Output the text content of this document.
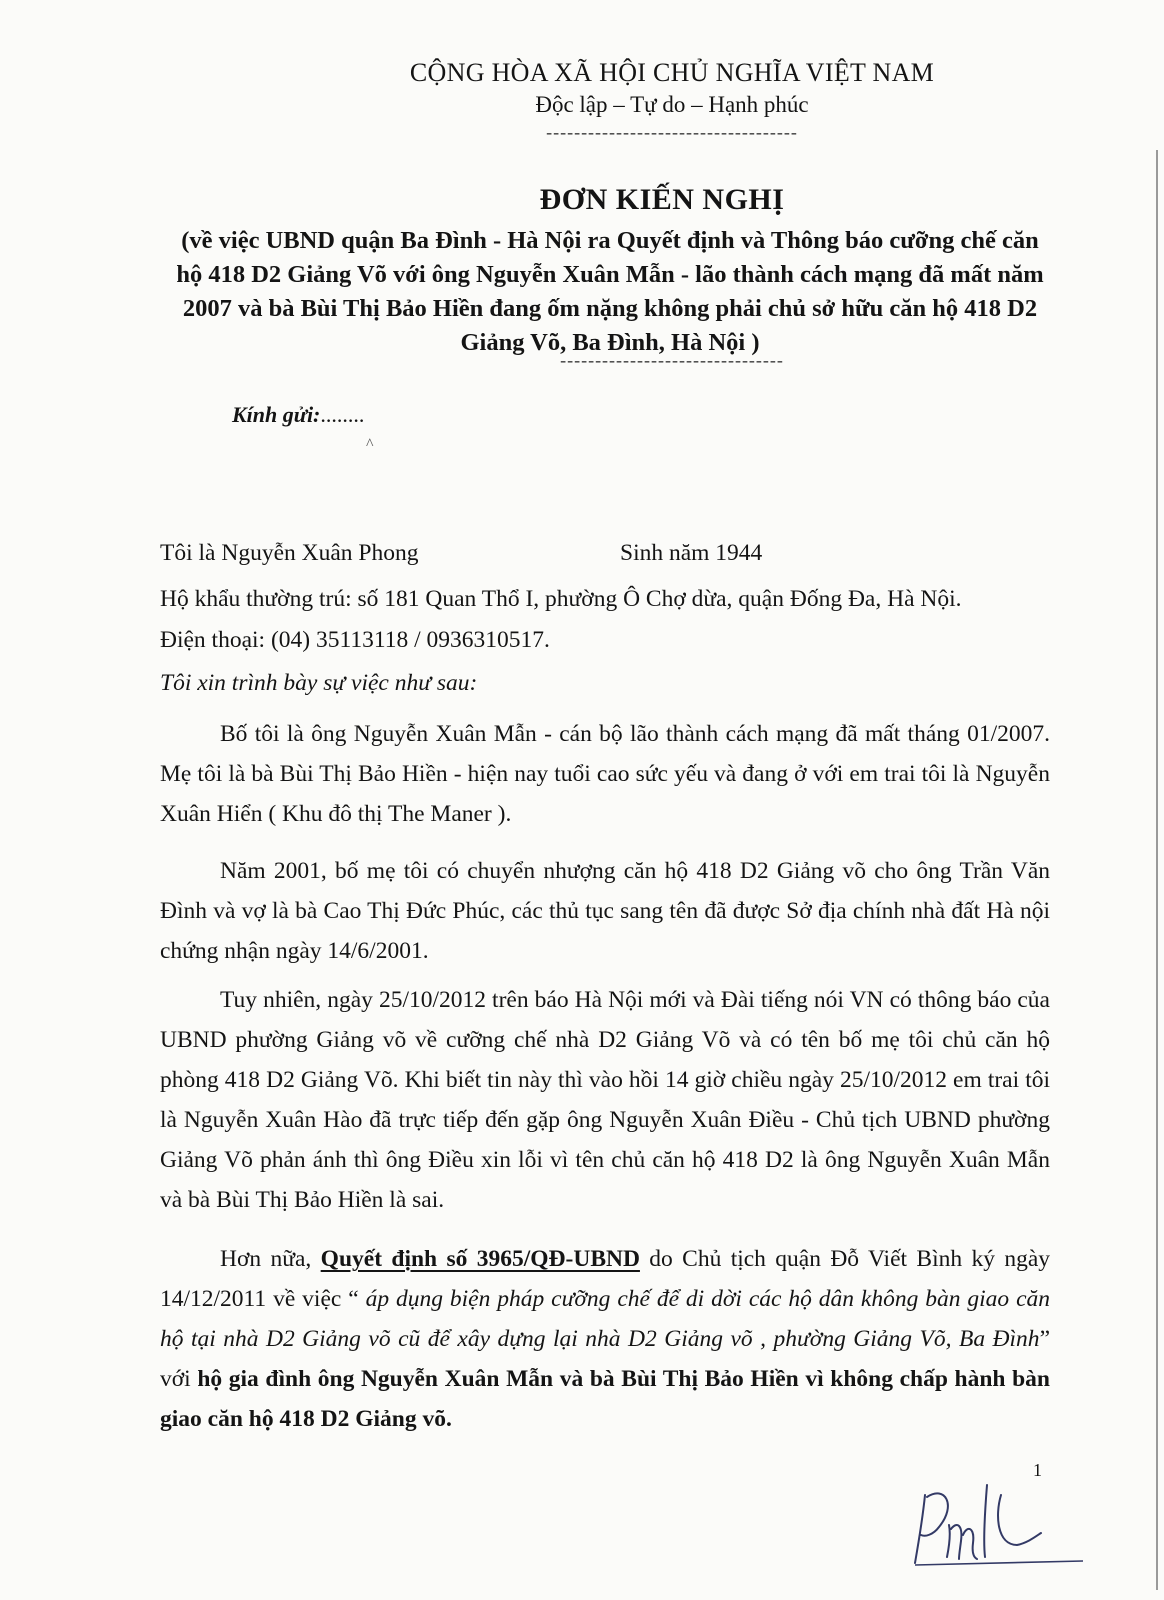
CỘNG HÒA XÃ HỘI CHỦ NGHĨA VIỆT NAM
Độc lập – Tự do – Hạnh phúc
------------------------------------
ĐƠN KIẾN NGHỊ
(về việc UBND quận Ba Đình - Hà Nội ra Quyết định và Thông báo cưỡng chế căn hộ 418 D2 Giảng Võ với ông Nguyễn Xuân Mẫn - lão thành cách mạng đã mất năm 2007 và bà Bùi Thị Bảo Hiền đang ốm nặng không phải chủ sở hữu căn hộ 418 D2 Giảng Võ, Ba Đình, Hà Nội )
--------------------------------
Kính gửi:........
^
Tôi là Nguyễn Xuân Phong	Sinh năm 1944
Hộ khẩu thường trú: số 181 Quan Thổ I, phường Ô Chợ dừa, quận Đống Đa, Hà Nội.
Điện thoại: (04) 35113118 / 0936310517.
Tôi xin trình bày sự việc như sau:
Bố tôi là ông Nguyễn Xuân Mẫn - cán bộ lão thành cách mạng đã mất tháng 01/2007. Mẹ tôi là bà Bùi Thị Bảo Hiền - hiện nay tuổi cao sức yếu và đang ở với em trai tôi là Nguyễn Xuân Hiển ( Khu đô thị The Maner ).
Năm 2001, bố mẹ tôi có chuyển nhượng căn hộ 418 D2 Giảng võ cho ông Trần Văn Đình và vợ là bà Cao Thị Đức Phúc, các thủ tục sang tên đã được Sở địa chính nhà đất Hà nội chứng nhận ngày 14/6/2001.
Tuy nhiên, ngày 25/10/2012 trên báo Hà Nội mới và Đài tiếng nói VN có thông báo của UBND phường Giảng võ về cưỡng chế nhà D2 Giảng Võ và có tên bố mẹ tôi chủ căn hộ phòng 418 D2 Giảng Võ. Khi biết tin này thì vào hồi 14 giờ chiều ngày 25/10/2012 em trai tôi là Nguyễn Xuân Hào đã trực tiếp đến gặp ông Nguyễn Xuân Điều - Chủ tịch UBND phường Giảng Võ phản ánh thì ông Điều xin lỗi vì tên chủ căn hộ 418 D2 là ông Nguyễn Xuân Mẫn và bà Bùi Thị Bảo Hiền là sai.
Hơn nữa, Quyết định số 3965/QĐ-UBND do Chủ tịch quận Đỗ Viết Bình ký ngày 14/12/2011 về việc “ áp dụng biện pháp cưỡng chế để di dời các hộ dân không bàn giao căn hộ tại nhà D2 Giảng võ cũ để xây dựng lại nhà D2 Giảng võ , phường Giảng Võ, Ba Đình” với hộ gia đình ông Nguyễn Xuân Mẫn và bà Bùi Thị Bảo Hiền vì không chấp hành bàn giao căn hộ 418 D2 Giảng võ.
1
